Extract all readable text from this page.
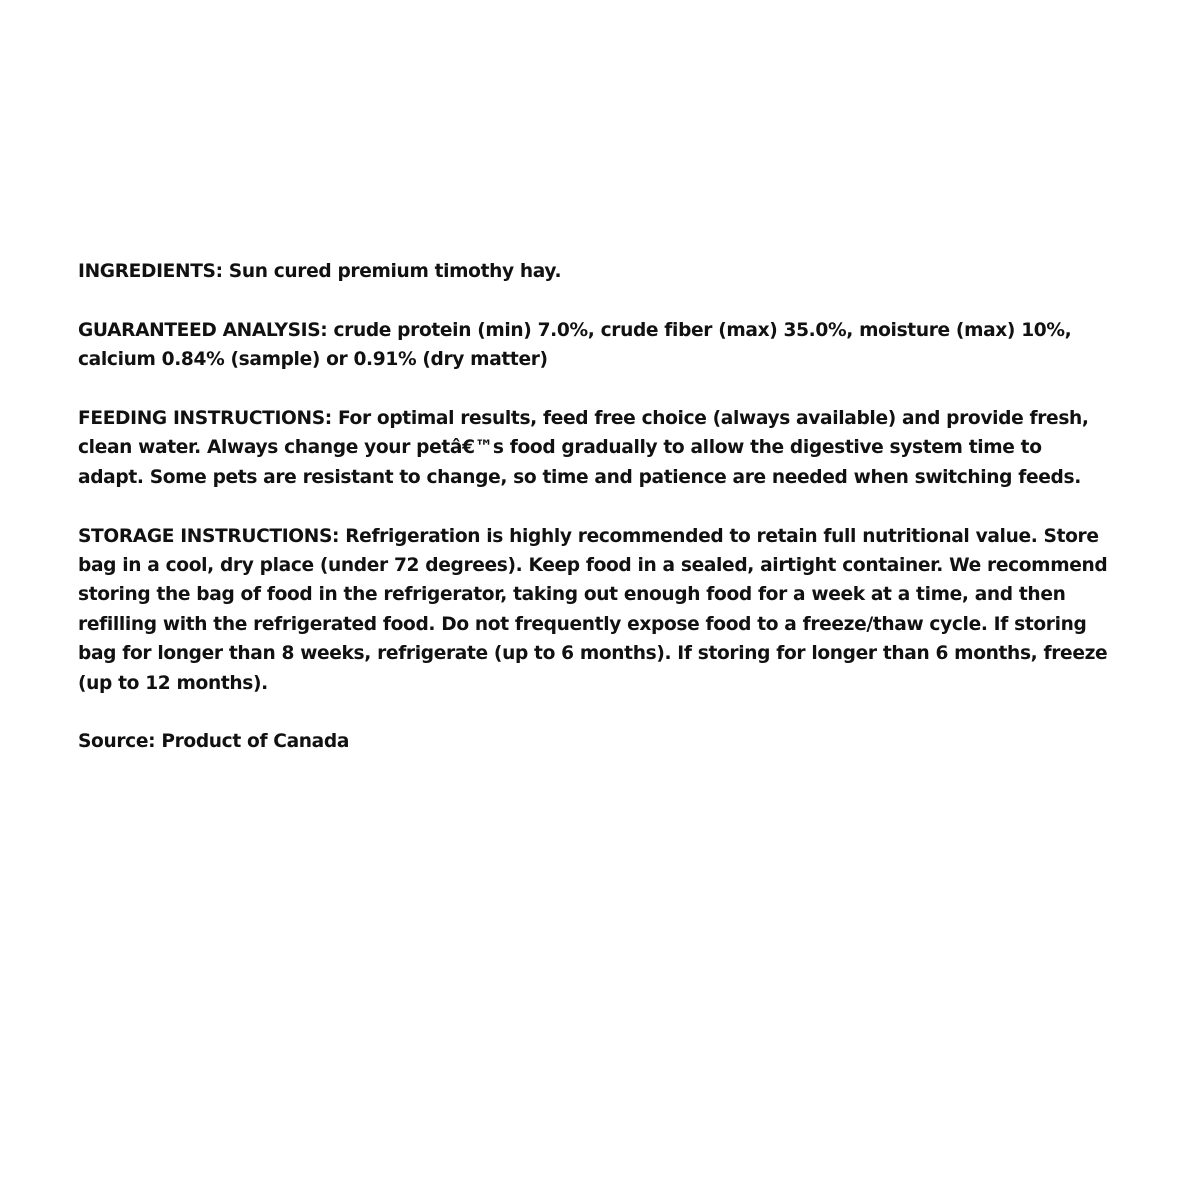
INGREDIENTS: Sun cured premium timothy hay.

GUARANTEED ANALYSIS: crude protein (min) 7.0%, crude fiber (max) 35.0%, moisture (max) 10%,
calcium 0.84% (sample) or 0.91% (dry matter)

FEEDING INSTRUCTIONS: For optimal results, feed free choice (always available) and provide fresh,
clean water. Always change your petâ€™s food gradually to allow the digestive system time to
adapt. Some pets are resistant to change, so time and patience are needed when switching feeds.

STORAGE INSTRUCTIONS: Refrigeration is highly recommended to retain full nutritional value. Store
bag in a cool, dry place (under 72 degrees). Keep food in a sealed, airtight container. We recommend
storing the bag of food in the refrigerator, taking out enough food for a week at a time, and then
refilling with the refrigerated food. Do not frequently expose food to a freeze/thaw cycle. If storing
bag for longer than 8 weeks, refrigerate (up to 6 months). If storing for longer than 6 months, freeze
(up to 12 months).

Source: Product of Canada
